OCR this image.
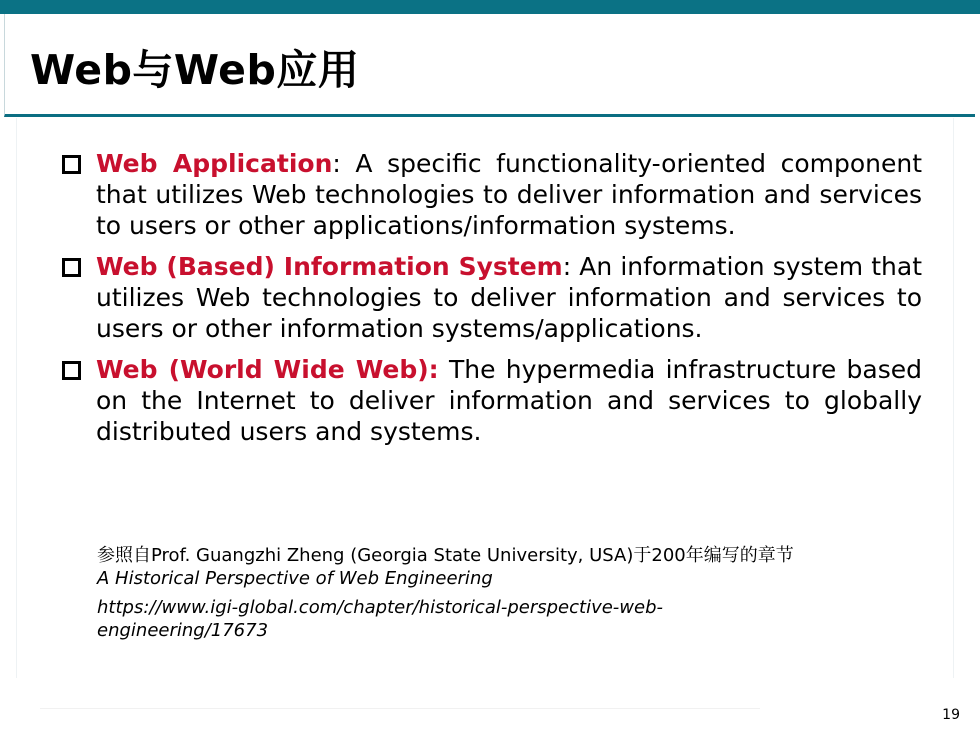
Web与Web应用
Web Application: A specific functionality-oriented component that utilizes Web technologies to deliver information and services to users or other applications/information systems.
Web (Based) Information System: An information system that utilizes Web technologies to deliver information and services to users or other information systems/applications.
Web (World Wide Web): The hypermedia infrastructure based on the Internet to deliver information and services to globally distributed users and systems.

参照自Prof. Guangzhi Zheng (Georgia State University, USA)于200年编写的章节

A Historical Perspective of Web Engineering

https://www.igi-global.com/chapter/historical-perspective-web-engineering/17673

19
